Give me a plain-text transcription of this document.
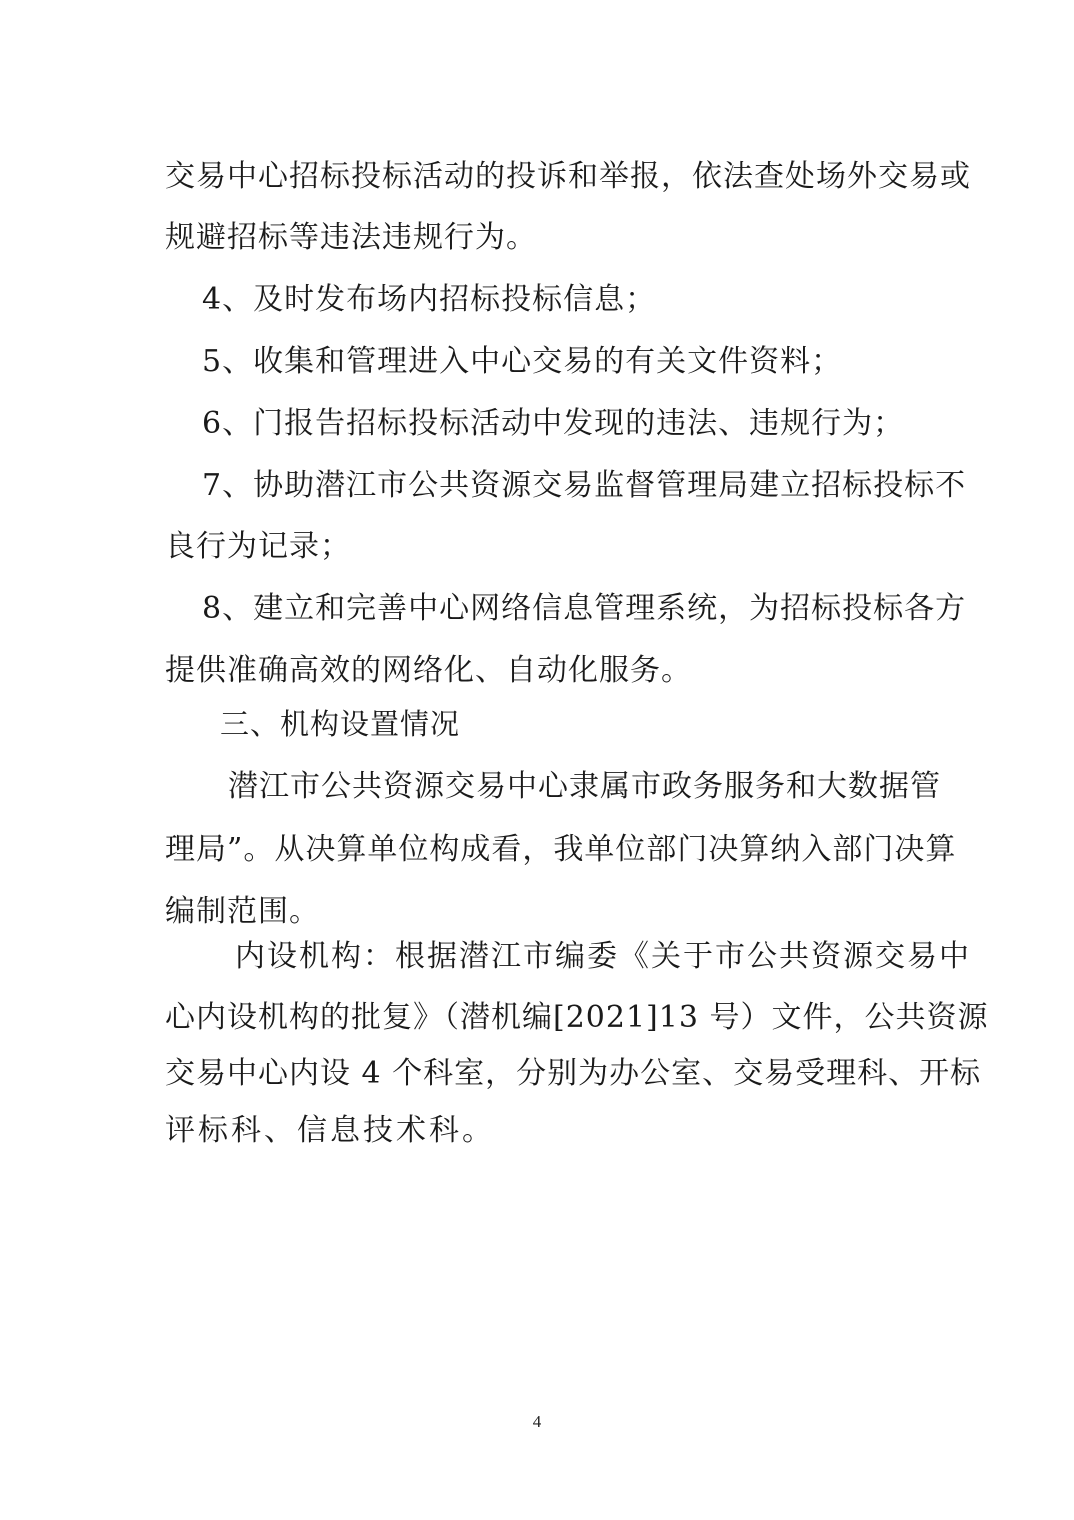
交易中心招标投标活动的投诉和举报，依法查处场外交易或
规避招标等违法违规行为。
4、及时发布场内招标投标信息；
5、收集和管理进入中心交易的有关文件资料；
6、门报告招标投标活动中发现的违法、违规行为；
7、协助潜江市公共资源交易监督管理局建立招标投标不
良行为记录；
8、建立和完善中心网络信息管理系统，为招标投标各方
提供准确高效的网络化、自动化服务。
三、机构设置情况
潜江市公共资源交易中心隶属市政务服务和大数据管
理局”。从决算单位构成看，我单位部门决算纳入部门决算
编制范围。
内设机构：根据潜江市编委《关于市公共资源交易中
心内设机构的批复》（潜机编[2021]13 号）文件，公共资源
交易中心内设 4 个科室，分别为办公室、交易受理科、开标
评标科、信息技术科。
4
